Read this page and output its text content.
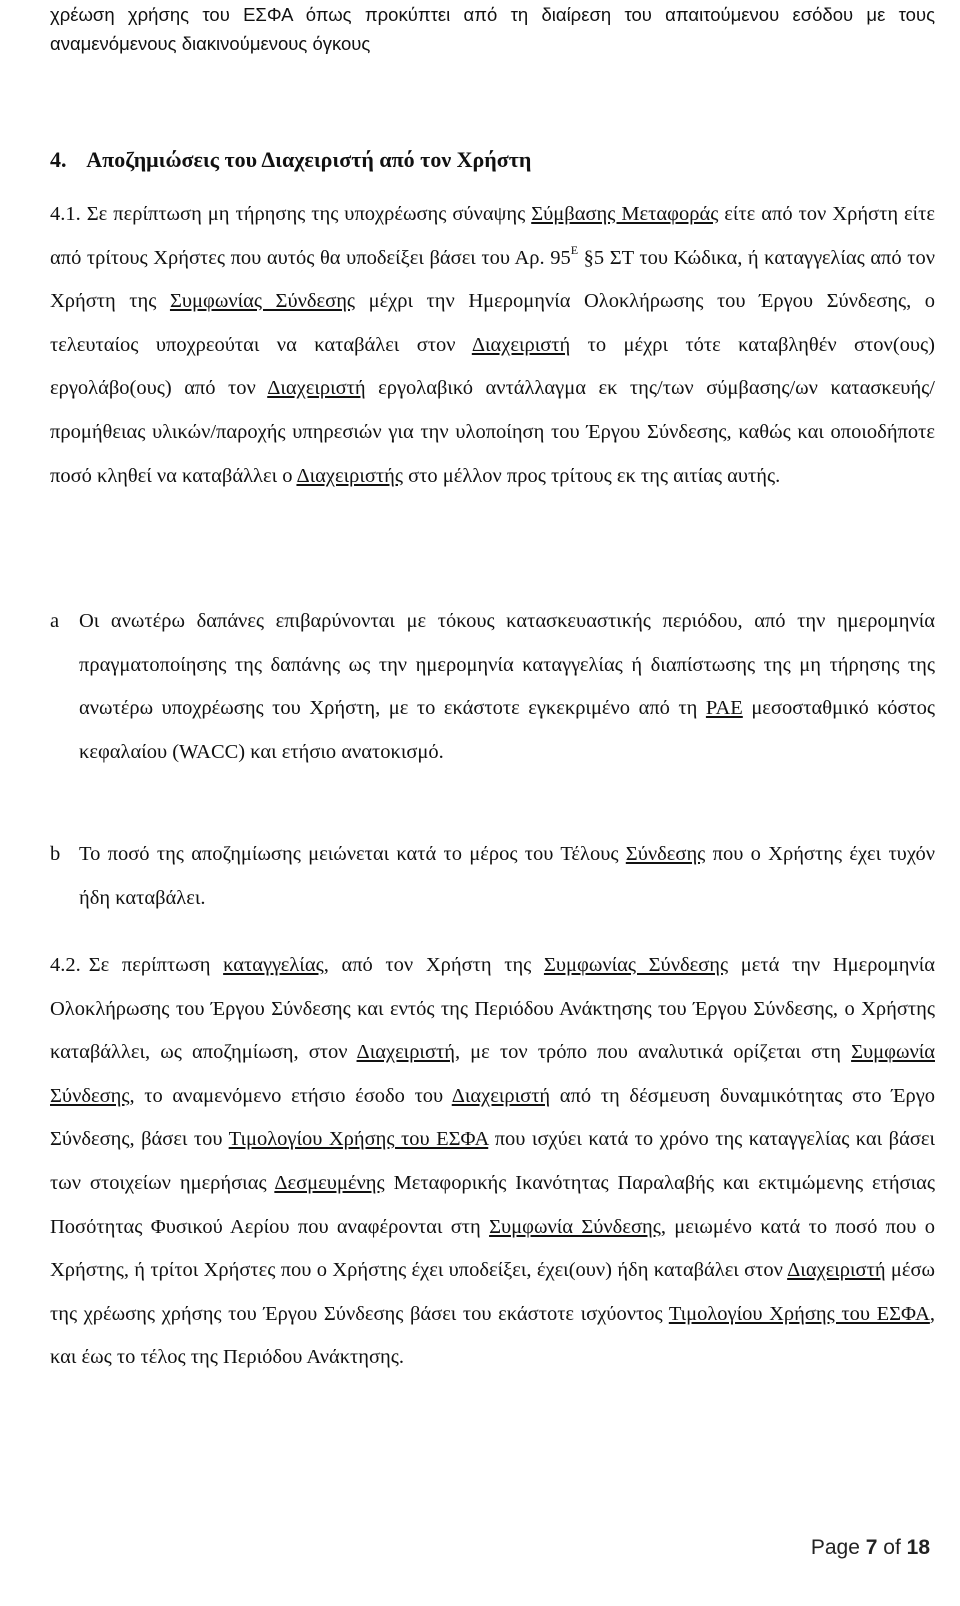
χρέωση χρήσης του ΕΣΦΑ όπως προκύπτει από τη διαίρεση του απαιτούμενου εσόδου με τους αναμενόμενους διακινούμενους όγκους

4. Αποζημιώσεις του Διαχειριστή από τον Χρήστη

4.1. Σε περίπτωση μη τήρησης της υποχρέωσης σύναψης Σύμβασης Μεταφοράς είτε από τον Χρήστη είτε από τρίτους Χρήστες που αυτός θα υποδείξει βάσει του Αρ. $95^E$ §5 ΣΤ του Κώδικα, ή καταγγελίας από τον Χρήστη της Συμφωνίας Σύνδεσης μέχρι την Ημερομηνία Ολοκλήρωσης του Έργου Σύνδεσης, ο τελευταίος υποχρεούται να καταβάλει στον Διαχειριστή το μέχρι τότε καταβληθέν στον(ους) εργολάβο(ους) από τον Διαχειριστή εργολαβικό αντάλλαγμα εκ της/των σύμβασης/ων κατασκευής/προμήθειας υλικών/παροχής υπηρεσιών για την υλοποίηση του Έργου Σύνδεσης, καθώς και οποιοδήποτε ποσό κληθεί να καταβάλλει ο Διαχειριστής στο μέλλον προς τρίτους εκ της αιτίας αυτής.

a Οι ανωτέρω δαπάνες επιβαρύνονται με τόκους κατασκευαστικής περιόδου, από την ημερομηνία πραγματοποίησης της δαπάνης ως την ημερομηνία καταγγελίας ή διαπίστωσης της μη τήρησης της ανωτέρω υποχρέωσης του Χρήστη, με το εκάστοτε εγκεκριμένο από τη ΡΑΕ μεσοσταθμικό κόστος κεφαλαίου (WACC) και ετήσιο ανατοκισμό.

b Το ποσό της αποζημίωσης μειώνεται κατά το μέρος του Τέλους Σύνδεσης που ο Χρήστης έχει τυχόν ήδη καταβάλει.

4.2. Σε περίπτωση καταγγελίας, από τον Χρήστη της Συμφωνίας Σύνδεσης μετά την Ημερομηνία Ολοκλήρωσης του Έργου Σύνδεσης και εντός της Περιόδου Ανάκτησης του Έργου Σύνδεσης, ο Χρήστης καταβάλλει, ως αποζημίωση, στον Διαχειριστή, με τον τρόπο που αναλυτικά ορίζεται στη Συμφωνία Σύνδεσης, το αναμενόμενο ετήσιο έσοδο του Διαχειριστή από τη δέσμευση δυναμικότητας στο Έργο Σύνδεσης, βάσει του Τιμολογίου Χρήσης του ΕΣΦΑ που ισχύει κατά το χρόνο της καταγγελίας και βάσει των στοιχείων ημερήσιας Δεσμευμένης Μεταφορικής Ικανότητας Παραλαβής και εκτιμώμενης ετήσιας Ποσότητας Φυσικού Αερίου που αναφέρονται στη Συμφωνία Σύνδεσης, μειωμένο κατά το ποσό που ο Χρήστης, ή τρίτοι Χρήστες που ο Χρήστης έχει υποδείξει, έχει(ουν) ήδη καταβάλει στον Διαχειριστή μέσω της χρέωσης χρήσης του Έργου Σύνδεσης βάσει του εκάστοτε ισχύοντος Τιμολογίου Χρήσης του ΕΣΦΑ, και έως το τέλος της Περιόδου Ανάκτησης.

Page 7 of 18
